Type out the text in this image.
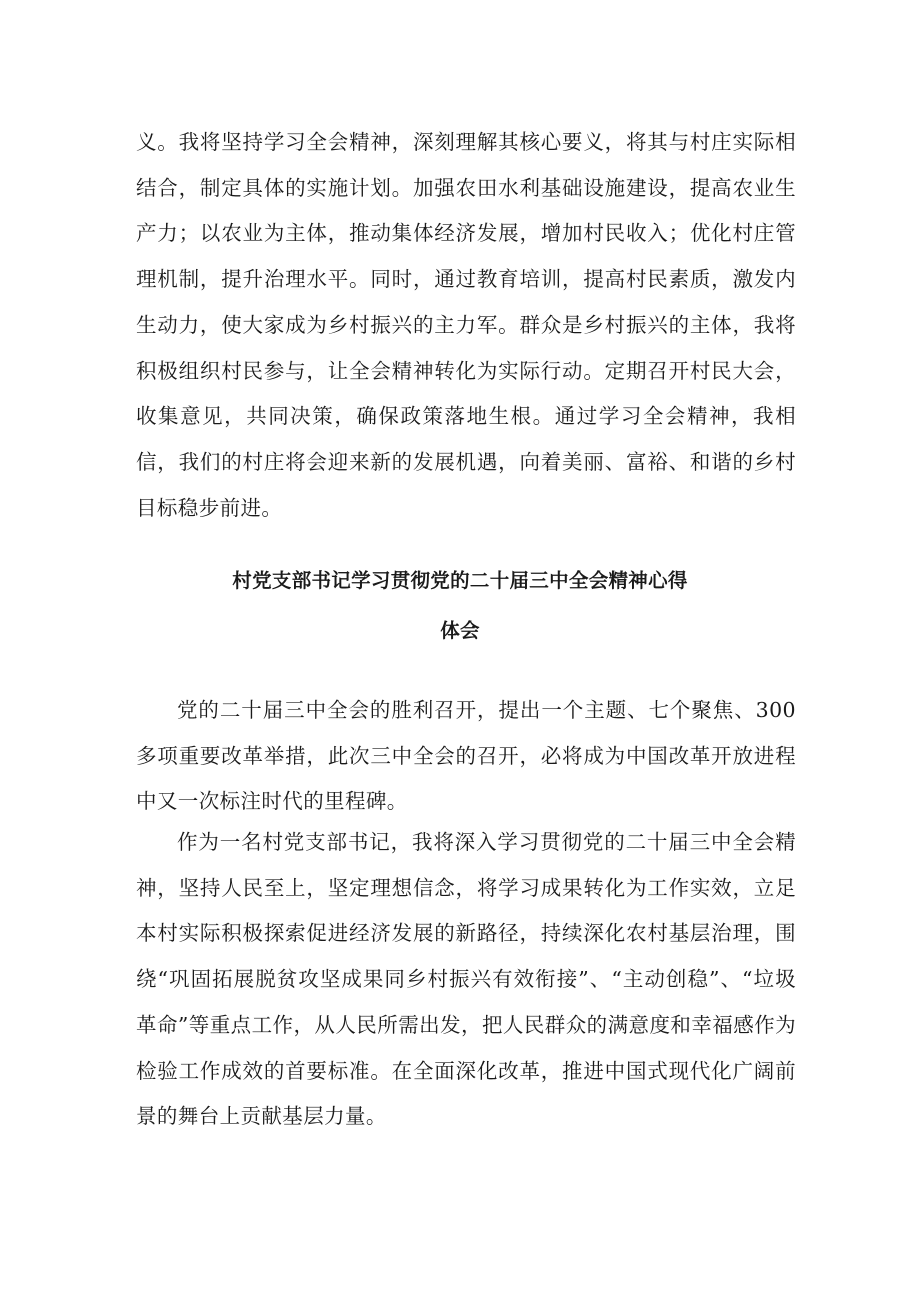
义。我将坚持学习全会精神，深刻理解其核心要义，将其与村庄实际相结合，制定具体的实施计划。加强农田水利基础设施建设，提高农业生产力；以农业为主体，推动集体经济发展，增加村民收入；优化村庄管理机制，提升治理水平。同时，通过教育培训，提高村民素质，激发内生动力，使大家成为乡村振兴的主力军。群众是乡村振兴的主体，我将积极组织村民参与，让全会精神转化为实际行动。定期召开村民大会，收集意见，共同决策，确保政策落地生根。通过学习全会精神，我相信，我们的村庄将会迎来新的发展机遇，向着美丽、富裕、和谐的乡村目标稳步前进。

村党支部书记学习贯彻党的二十届三中全会精神心得
体会

党的二十届三中全会的胜利召开，提出一个主题、七个聚焦、300多项重要改革举措，此次三中全会的召开，必将成为中国改革开放进程中又一次标注时代的里程碑。

作为一名村党支部书记，我将深入学习贯彻党的二十届三中全会精神，坚持人民至上，坚定理想信念，将学习成果转化为工作实效，立足本村实际积极探索促进经济发展的新路径，持续深化农村基层治理，围绕“巩固拓展脱贫攻坚成果同乡村振兴有效衔接”、“主动创稳”、“垃圾革命”等重点工作，从人民所需出发，把人民群众的满意度和幸福感作为检验工作成效的首要标准。在全面深化改革，推进中国式现代化广阔前景的舞台上贡献基层力量。
